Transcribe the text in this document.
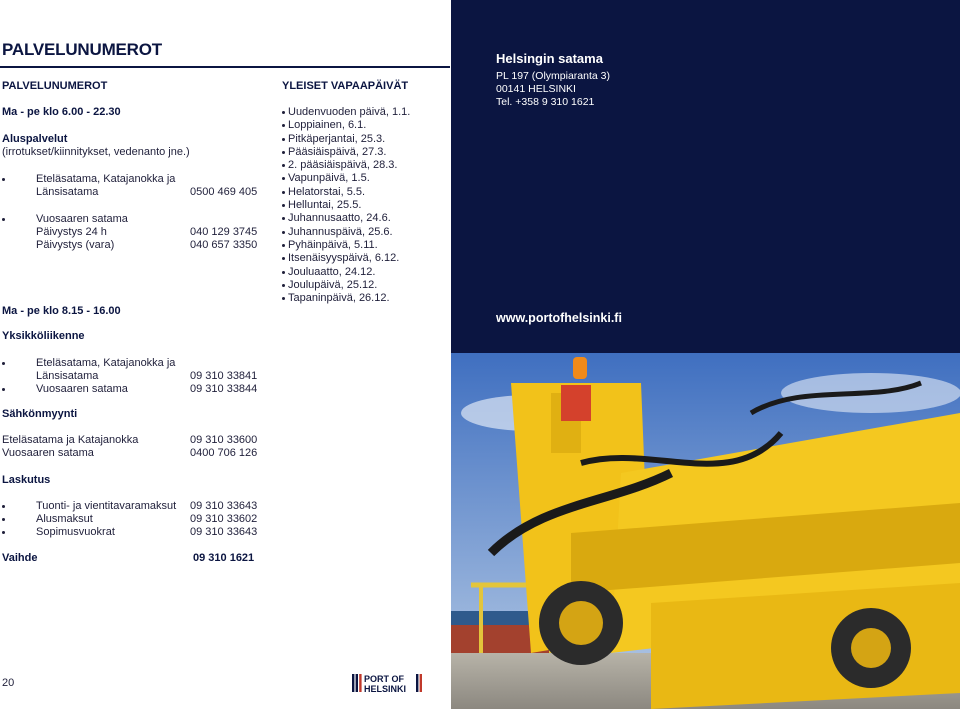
PALVELUNUMEROT
PALVELUNUMEROT
Ma - pe klo 6.00 - 22.30
Aluspalvelut
(irrotukset/kiinnitykset, vedenanto jne.)
Eteläsatama, Katajanokka ja
Länsisatama	0500 469 405
Vuosaaren satama
Päivystys 24 h	040 129 3745
Päivystys (vara)	040 657 3350
Ma - pe klo 8.15 - 16.00
Yksikköliikenne
Eteläsatama, Katajanokka ja
Länsisatama	09 310 33841
Vuosaaren satama	09 310 33844
Sähkönmyynti
Eteläsatama ja Katajanokka	09 310 33600
Vuosaaren satama	0400 706 126
Laskutus
Tuonti- ja vientitavaramaksut 09 310 33643
Alusmaksut	09 310 33602
Sopimusvuokrat	09 310 33643
Vaihde	09 310 1621
YLEISET VAPAAPÄIVÄT
Uudenvuoden päivä, 1.1.
Loppiainen, 6.1.
Pitkäperjantai, 25.3.
Pääsiäispäivä, 27.3.
2. pääsiäispäivä, 28.3.
Vapunpäivä, 1.5.
Helatorstai, 5.5.
Helluntai, 25.5.
Juhannusaatto, 24.6.
Juhannuspäivä, 25.6.
Pyhäinpäivä, 5.11.
Itsenäisyyspäivä, 6.12.
Jouluaatto, 24.12.
Joulupäivä, 25.12.
Tapaninpäivä, 26.12.
Helsingin satama
PL 197 (Olympiaranta 3)
00141 HELSINKI
Tel. +358 9 310 1621
www.portofhelsinki.fi
20	PORT OF
HELSINKI
